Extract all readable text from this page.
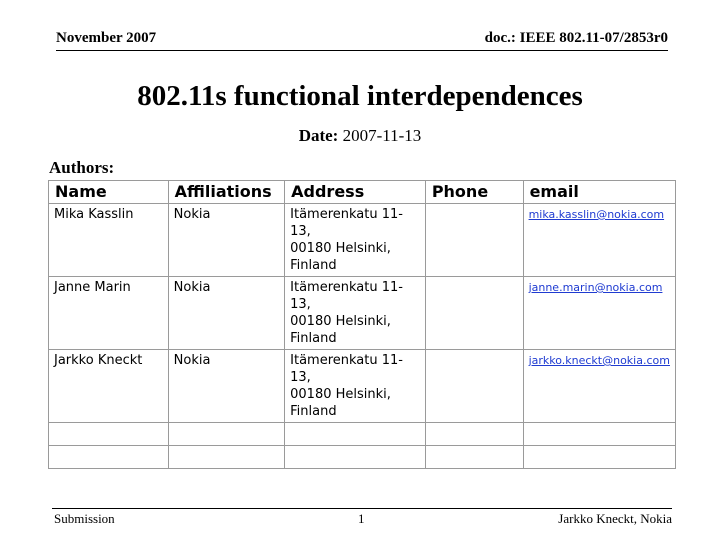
November 2007	doc.: IEEE 802.11-07/2853r0
802.11s functional interdependences
Date: 2007-11-13
Authors:
Name	Affiliations	Address	Phone	email
Mika Kasslin	Nokia	Itämerenkatu 11-13,
00180 Helsinki,
Finland		mika.kasslin@nokia.com
Janne Marin	Nokia	Itämerenkatu 11-13,
00180 Helsinki,
Finland		janne.marin@nokia.com
Jarkko Kneckt	Nokia	Itämerenkatu 11-13,
00180 Helsinki,
Finland		jarkko.kneckt@nokia.com

Submission	1	Jarkko Kneckt, Nokia
